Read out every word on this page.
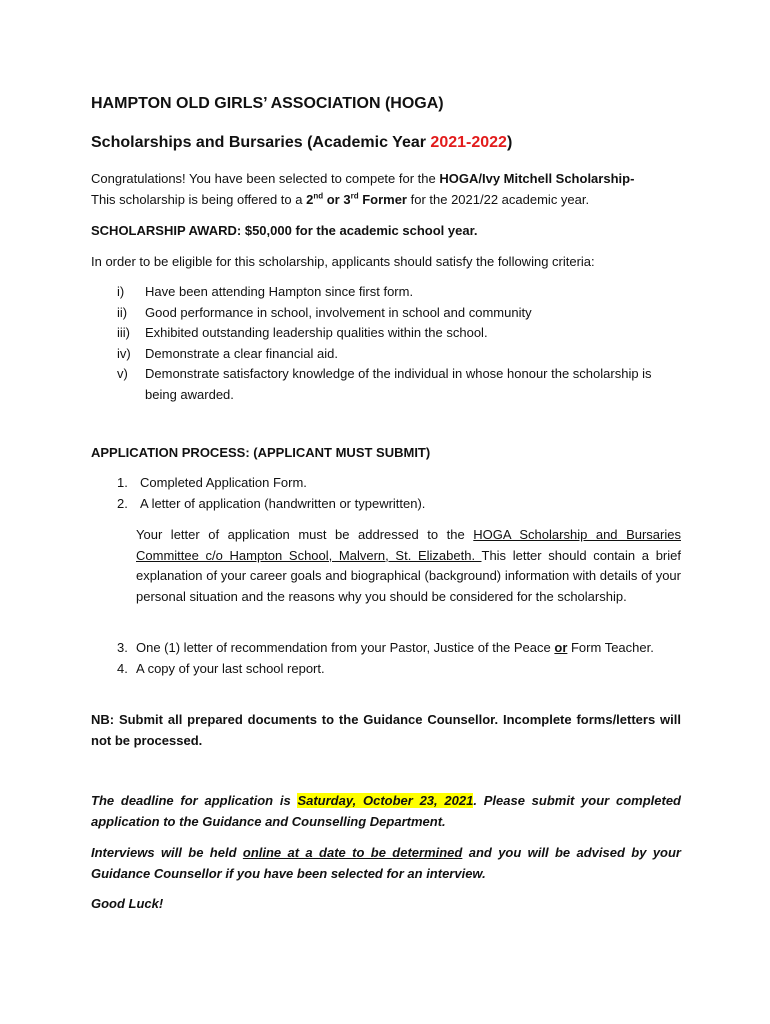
HAMPTON OLD GIRLS’ ASSOCIATION (HOGA)
Scholarships and Bursaries (Academic Year 2021-2022)
Congratulations! You have been selected to compete for the HOGA/Ivy Mitchell Scholarship-
This scholarship is being offered to a 2nd or 3rd Former for the 2021/22 academic year.
SCHOLARSHIP AWARD: $50,000 for the academic school year.
In order to be eligible for this scholarship, applicants should satisfy the following criteria:
i)	Have been attending Hampton since first form.
ii)	Good performance in school, involvement in school and community
iii)	Exhibited outstanding leadership qualities within the school.
iv)	Demonstrate a clear financial aid.
v)	Demonstrate satisfactory knowledge of the individual in whose honour the scholarship is being awarded.
APPLICATION PROCESS: (APPLICANT MUST SUBMIT)
1. Completed Application Form.
2. A letter of application (handwritten or typewritten).
Your letter of application must be addressed to the HOGA Scholarship and Bursaries Committee c/o Hampton School, Malvern, St. Elizabeth. This letter should contain a brief explanation of your career goals and biographical (background) information with details of your personal situation and the reasons why you should be considered for the scholarship.
3. One (1) letter of recommendation from your Pastor, Justice of the Peace or Form Teacher.
4. A copy of your last school report.
NB: Submit all prepared documents to the Guidance Counsellor. Incomplete forms/letters will not be processed.
The deadline for application is Saturday, October 23, 2021. Please submit your completed application to the Guidance and Counselling Department.
Interviews will be held online at a date to be determined and you will be advised by your Guidance Counsellor if you have been selected for an interview.
Good Luck!
